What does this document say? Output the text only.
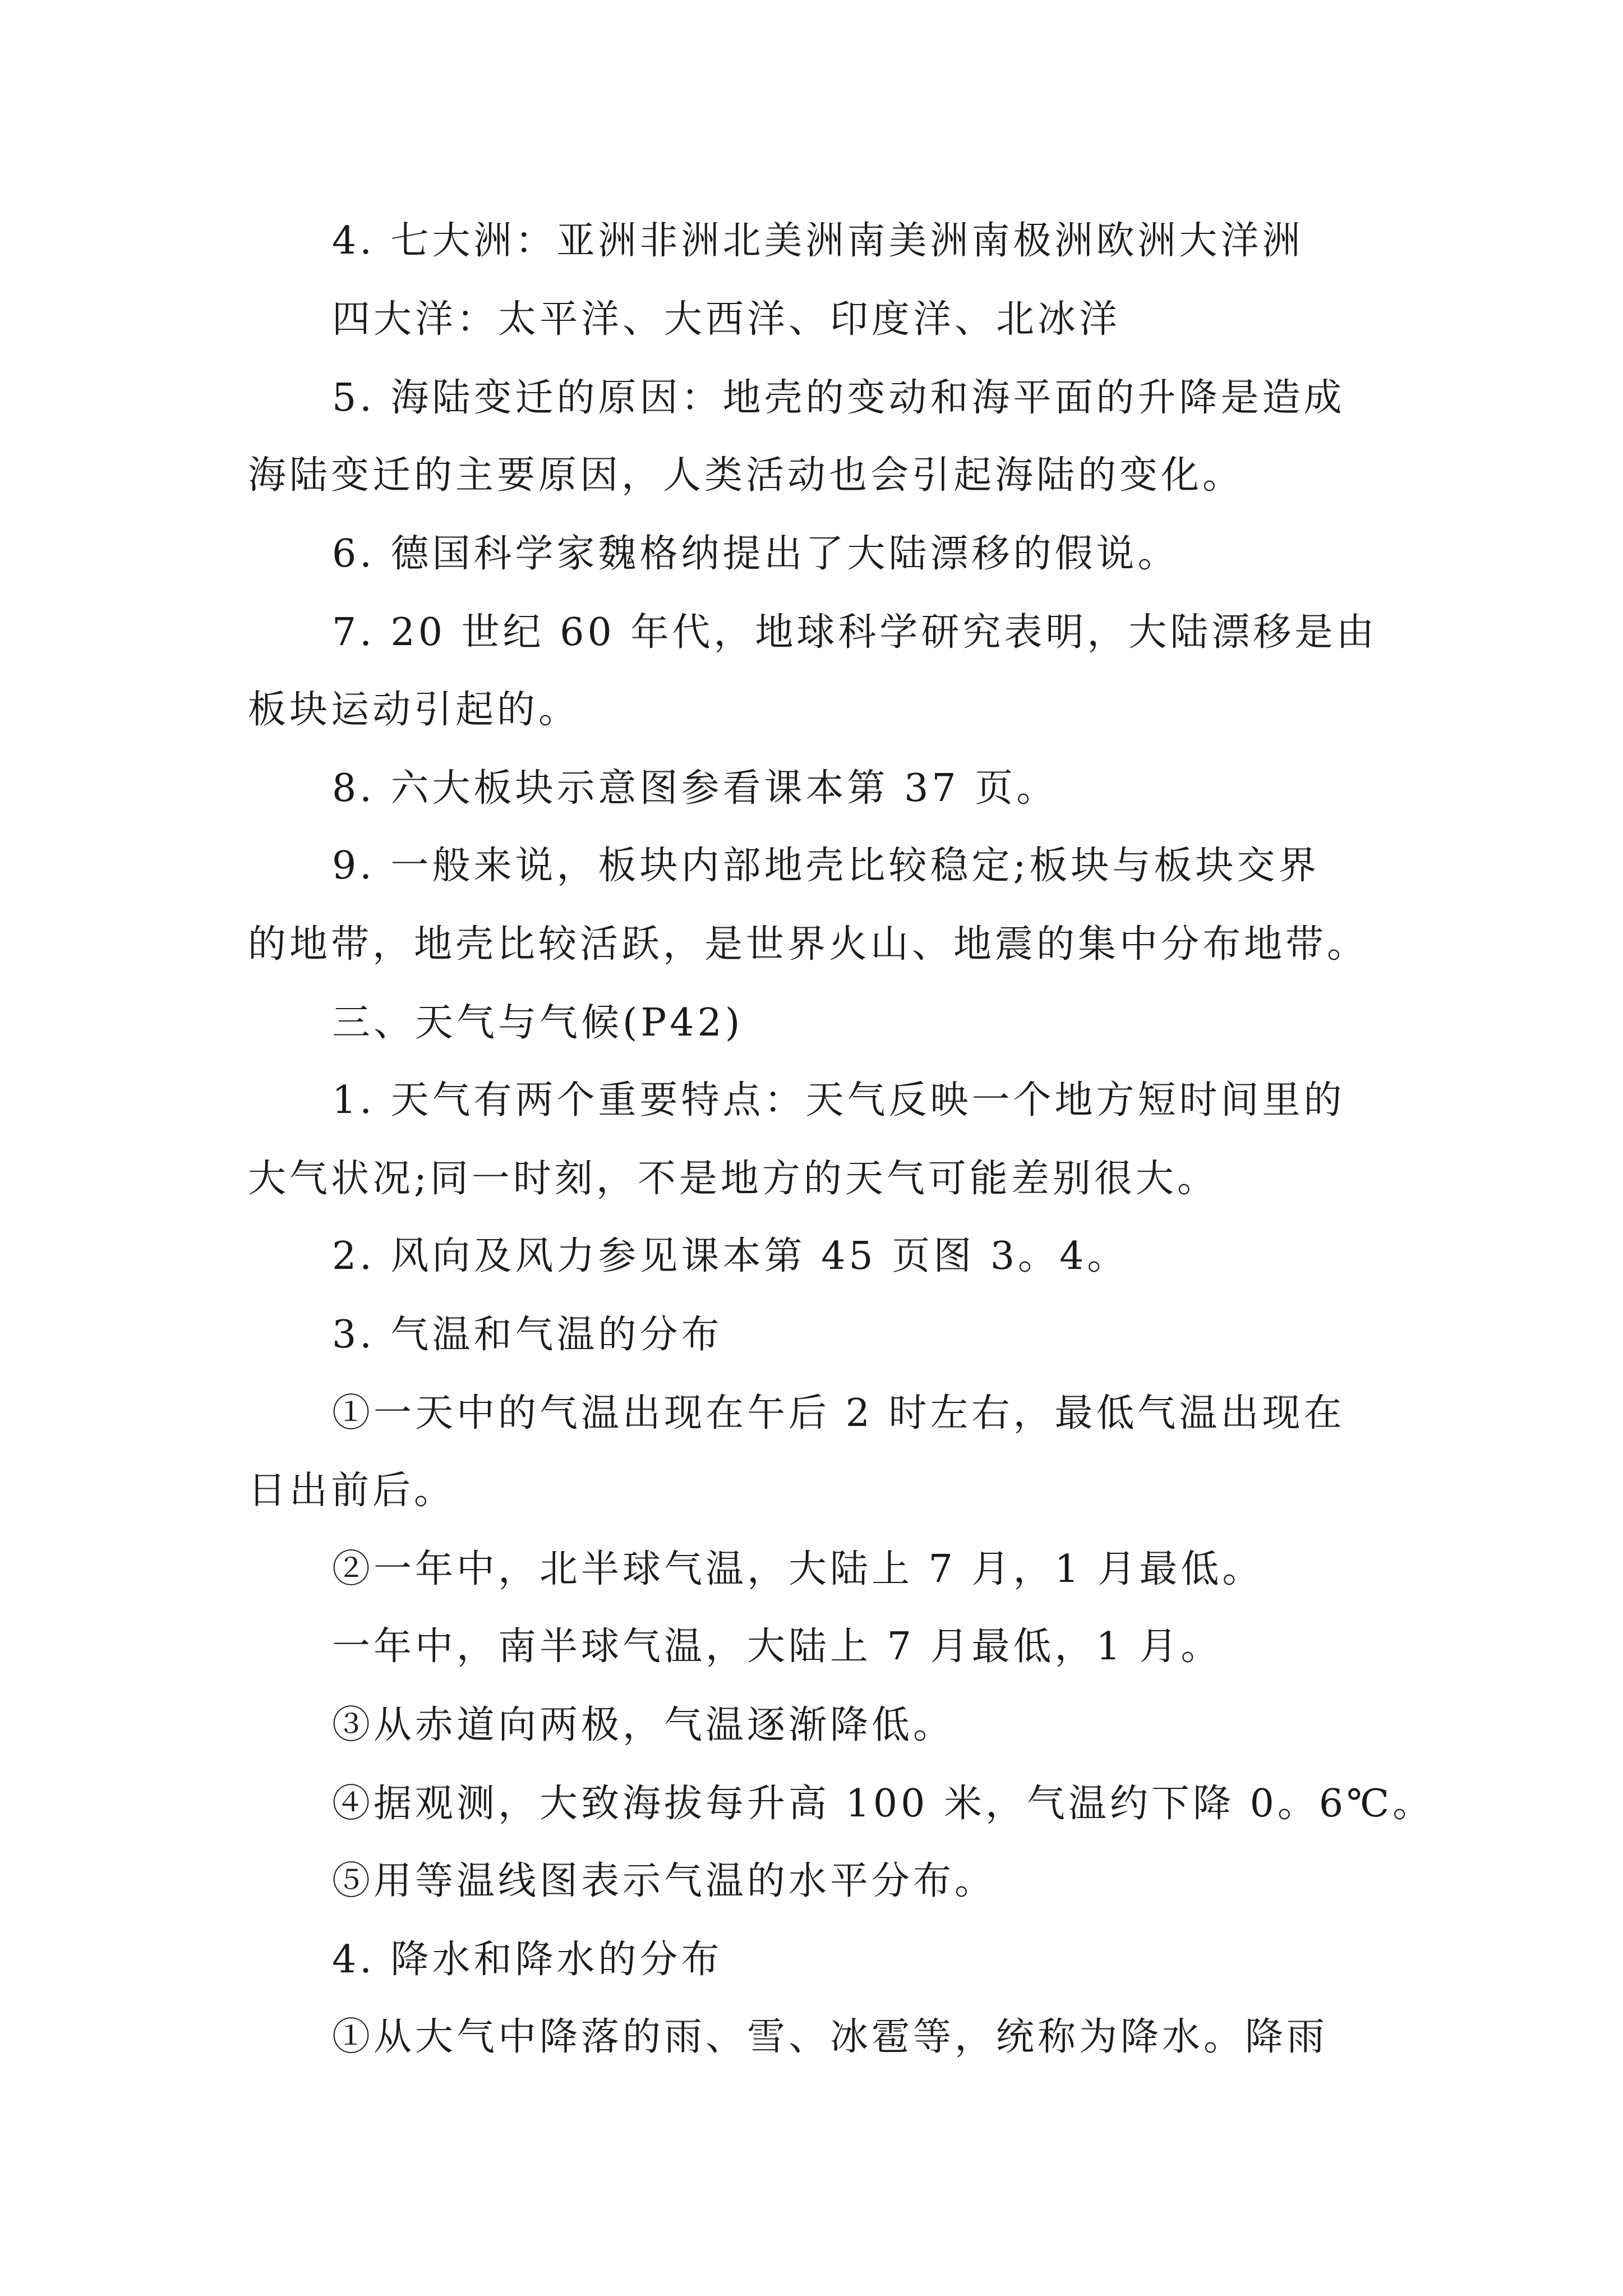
4. 七大洲：亚洲非洲北美洲南美洲南极洲欧洲大洋洲
四大洋：太平洋、大西洋、印度洋、北冰洋
5. 海陆变迁的原因：地壳的变动和海平面的升降是造成
海陆变迁的主要原因，人类活动也会引起海陆的变化。
6. 德国科学家魏格纳提出了大陆漂移的假说。
7. 20 世纪 60 年代，地球科学研究表明，大陆漂移是由
板块运动引起的。
8. 六大板块示意图参看课本第 37 页。
9. 一般来说，板块内部地壳比较稳定;板块与板块交界
的地带，地壳比较活跃，是世界火山、地震的集中分布地带。
三、天气与气候(P42)
1. 天气有两个重要特点：天气反映一个地方短时间里的
大气状况;同一时刻，不是地方的天气可能差别很大。
2. 风向及风力参见课本第 45 页图 3。4。
3. 气温和气温的分布
①一天中的气温出现在午后 2 时左右，最低气温出现在
日出前后。
②一年中，北半球气温，大陆上 7 月，1 月最低。
一年中，南半球气温，大陆上 7 月最低，1 月。
③从赤道向两极，气温逐渐降低。
④据观测，大致海拔每升高 100 米，气温约下降 0。6℃。
⑤用等温线图表示气温的水平分布。
4. 降水和降水的分布
①从大气中降落的雨、雪、冰雹等，统称为降水。降雨
